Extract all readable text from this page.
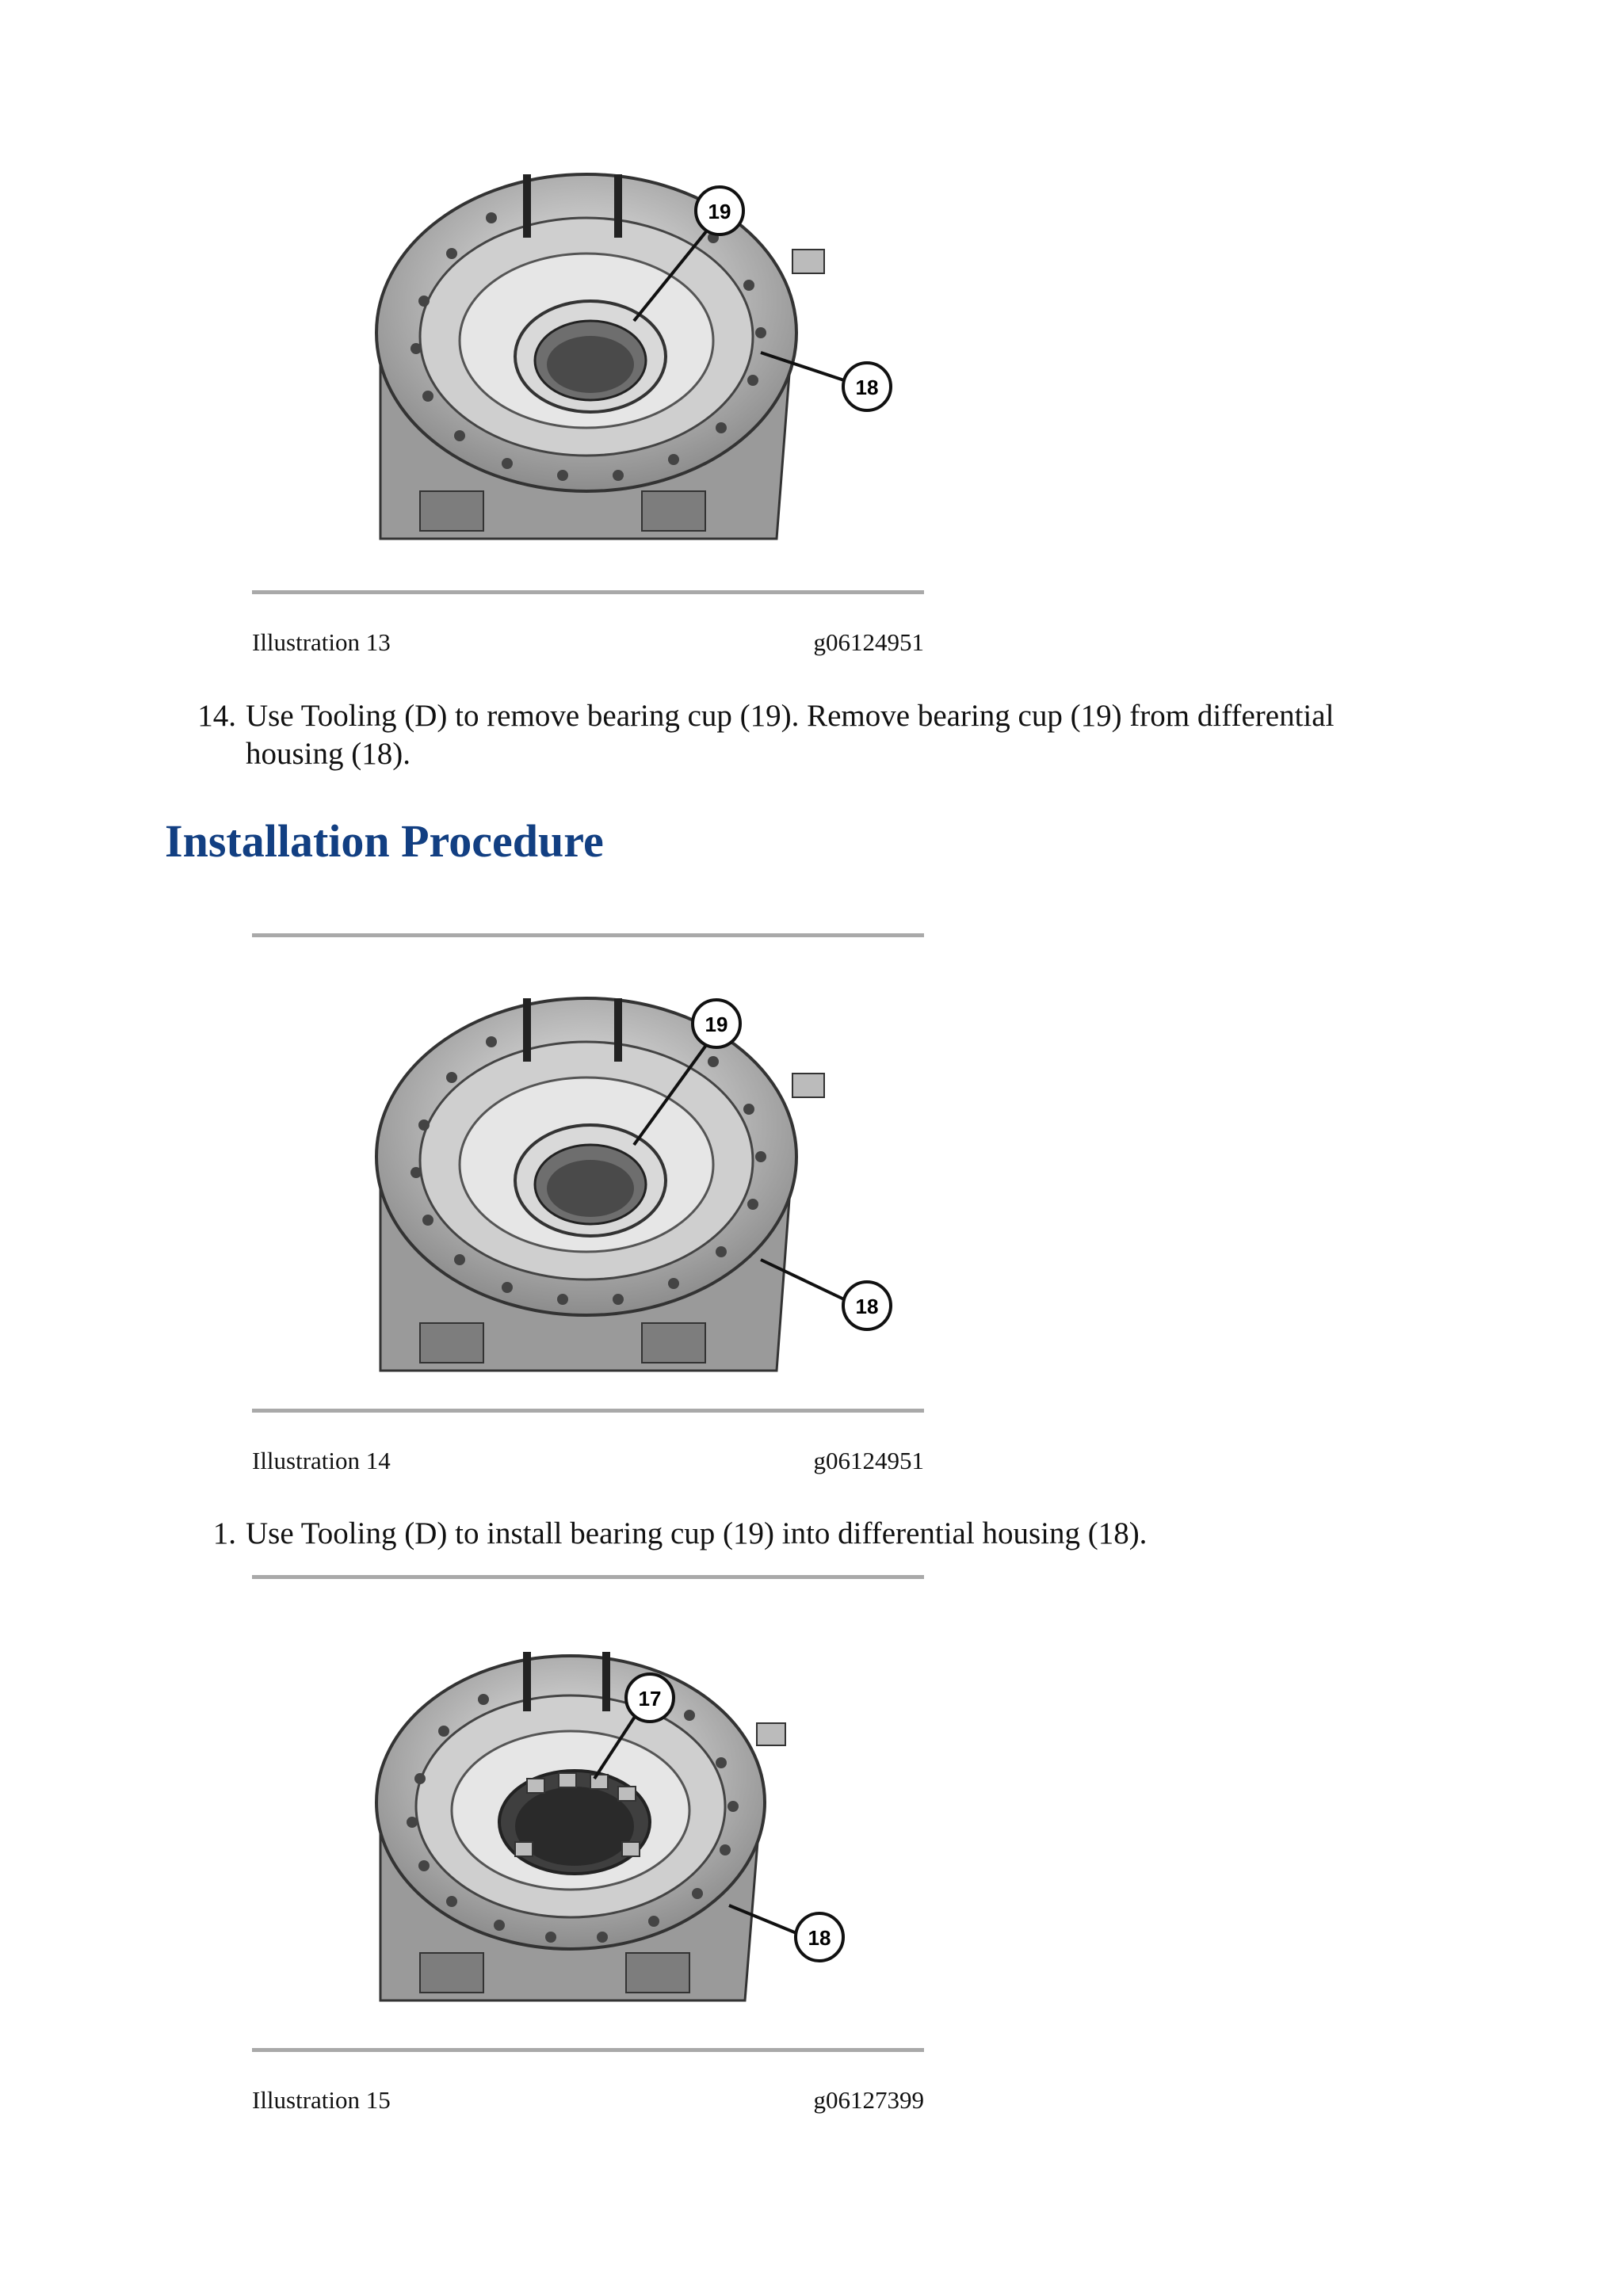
19
18
Illustration 13	g06124951
14. Use Tooling (D) to remove bearing cup (19). Remove bearing cup (19) from differential
housing (18).
Installation Procedure
19
18
Illustration 14	g06124951
1. Use Tooling (D) to install bearing cup (19) into differential housing (18).
17
18
Illustration 15	g06127399
